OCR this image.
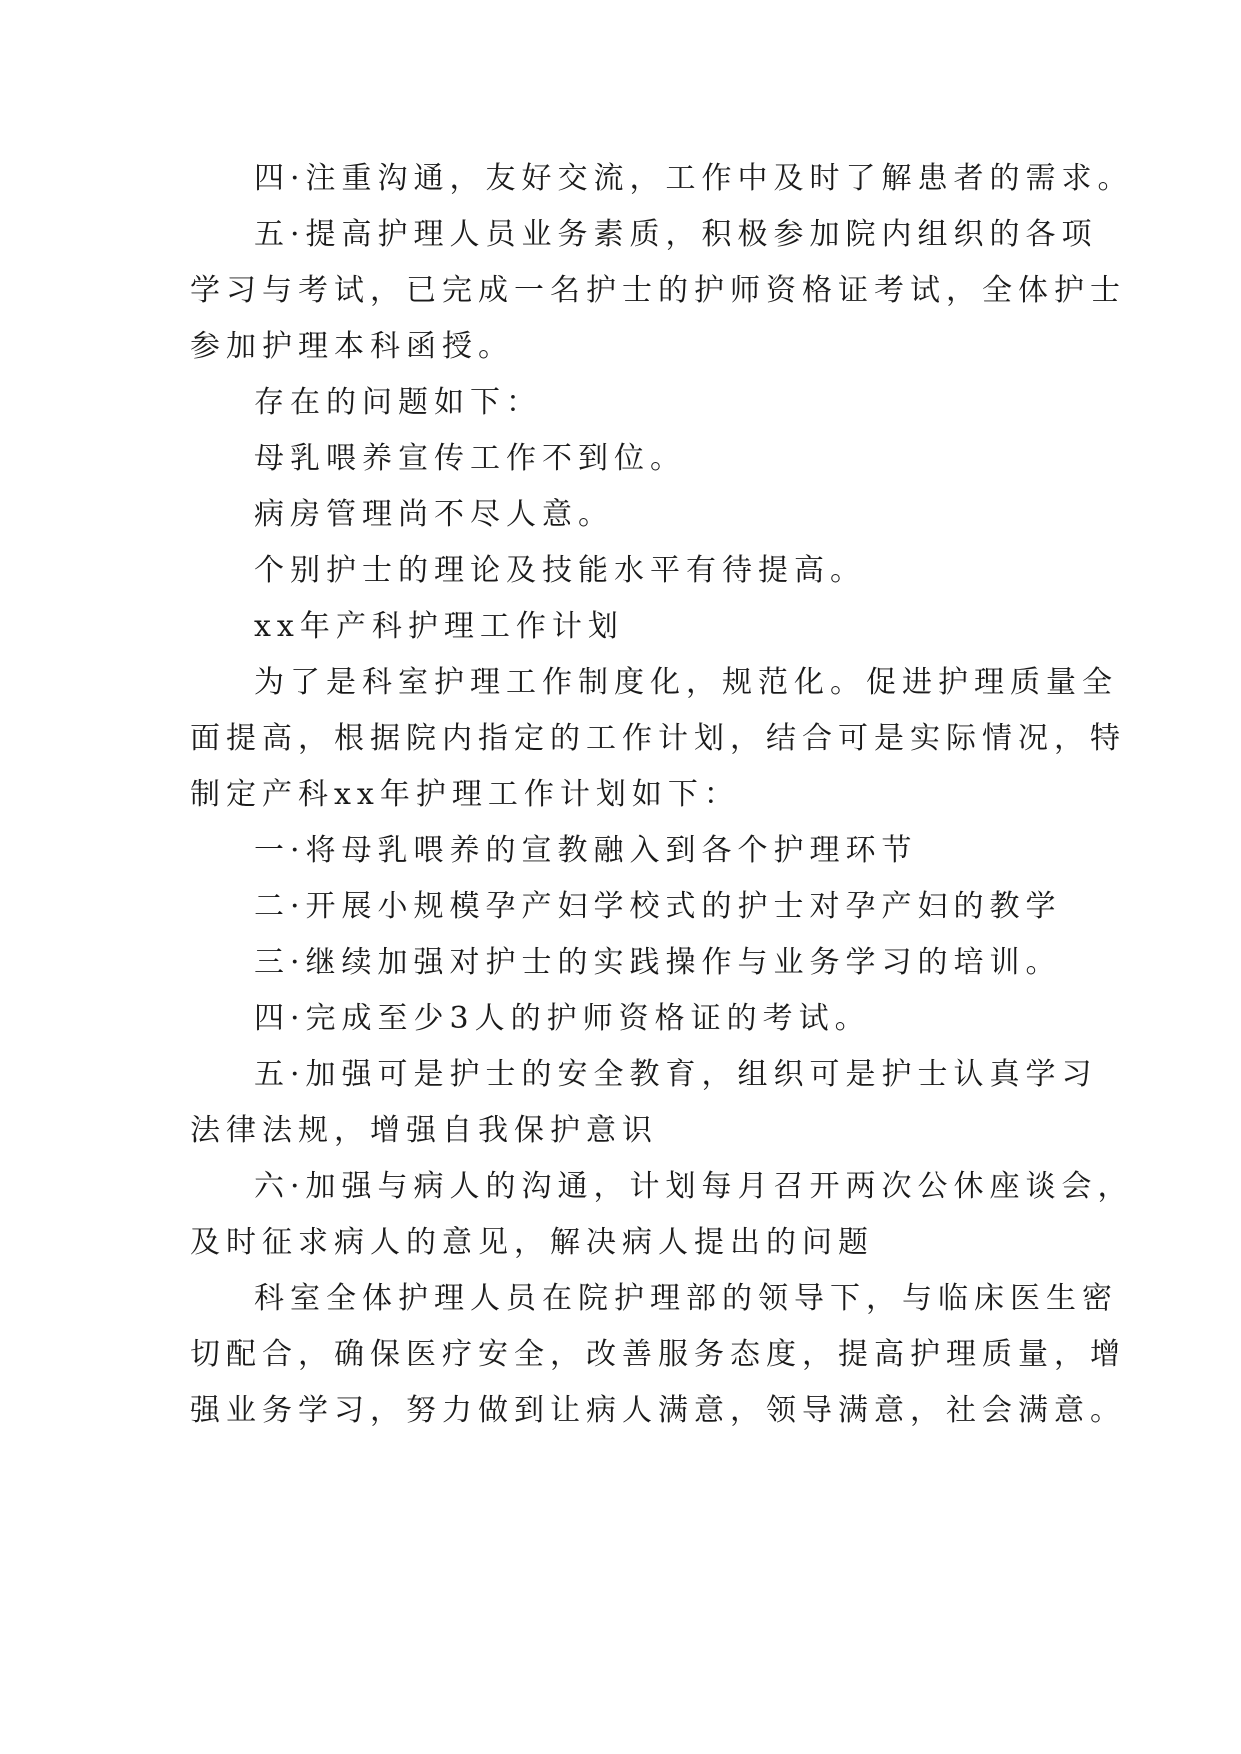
四·注重沟通，友好交流，工作中及时了解患者的需求。
五·提高护理人员业务素质，积极参加院内组织的各项
学习与考试，已完成一名护士的护师资格证考试，全体护士
参加护理本科函授。
存在的问题如下：
母乳喂养宣传工作不到位。
病房管理尚不尽人意。
个别护士的理论及技能水平有待提高。
xx年产科护理工作计划
为了是科室护理工作制度化，规范化。促进护理质量全
面提高，根据院内指定的工作计划，结合可是实际情况，特
制定产科xx年护理工作计划如下：
一·将母乳喂养的宣教融入到各个护理环节
二·开展小规模孕产妇学校式的护士对孕产妇的教学
三·继续加强对护士的实践操作与业务学习的培训。
四·完成至少3人的护师资格证的考试。
五·加强可是护士的安全教育，组织可是护士认真学习
法律法规，增强自我保护意识
六·加强与病人的沟通，计划每月召开两次公休座谈会，
及时征求病人的意见，解决病人提出的问题
科室全体护理人员在院护理部的领导下，与临床医生密
切配合，确保医疗安全，改善服务态度，提高护理质量，增
强业务学习，努力做到让病人满意，领导满意，社会满意。
